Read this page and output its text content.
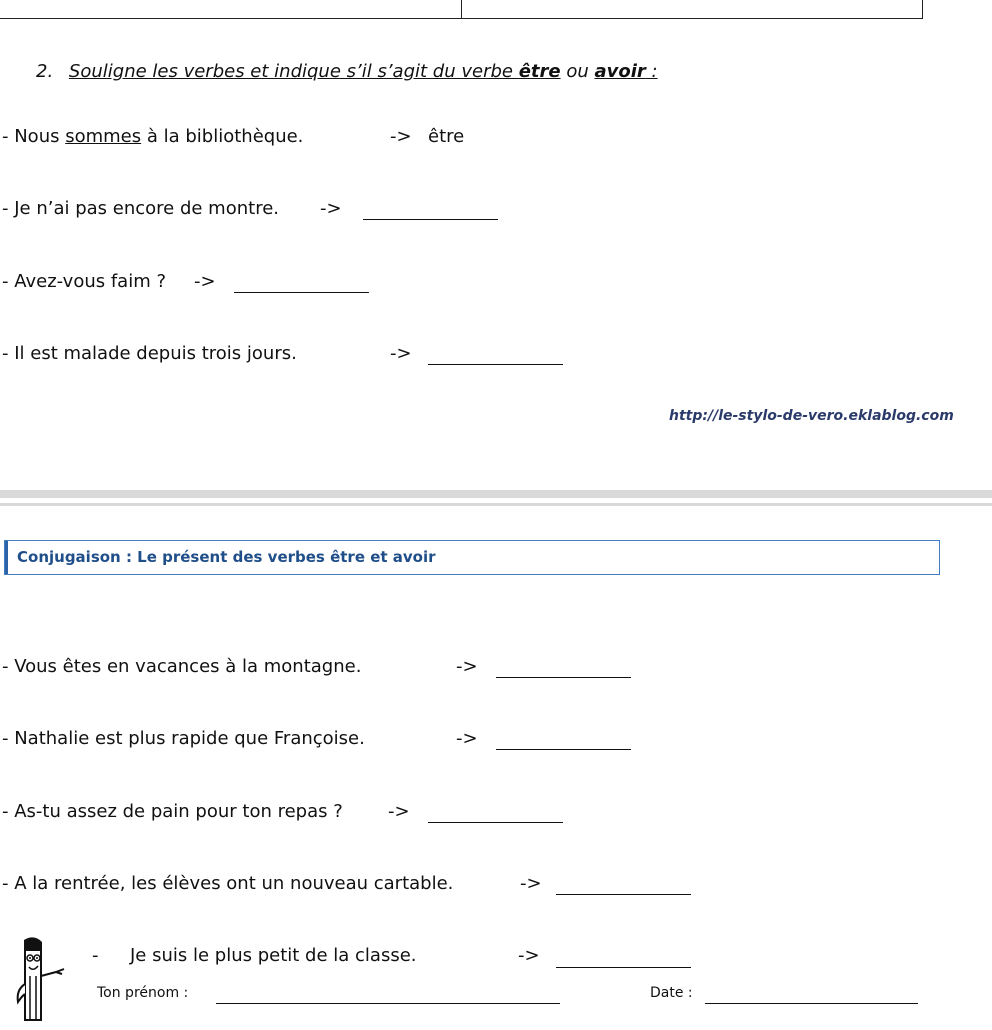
2. Souligne les verbes et indique s’il s’agit du verbe être ou avoir :
- Nous sommes à la bibliothèque.	-> être
- Je n’ai pas encore de montre. ->
- Avez-vous faim ? ->
- Il est malade depuis trois jours.	->
http://le-stylo-de-vero.eklablog.com
Conjugaison : Le présent des verbes être et avoir
- Vous êtes en vacances à la montagne.	->
- Nathalie est plus rapide que Françoise.	->
- As-tu assez de pain pour ton repas ?	->
- A la rentrée, les élèves ont un nouveau cartable.	->
- Je suis le plus petit de la classe.	->
Ton prénom :	Date :
